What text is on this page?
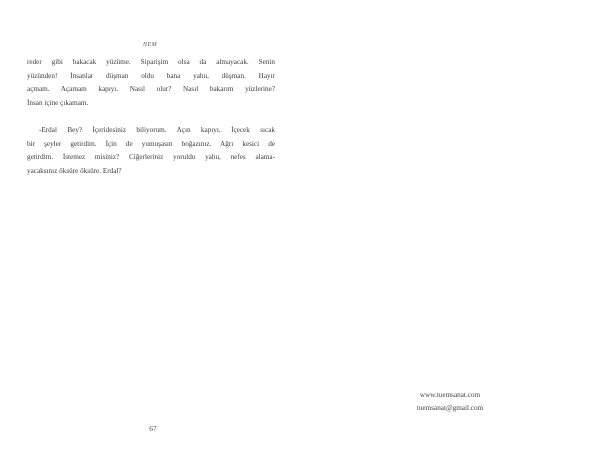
NEM

reder gibi bakacak yüzüme. Siparişim olsa da almayacak. Senin
yüzünden! İnsanlar düşman oldu bana yahu, düşman. Hayır
açmam. Açamam kapıyı. Nasıl olur? Nasıl bakarım yüzlerine?
İnsan içine çıkamam.

-Erdal Bey? İçeridesiniz biliyorum. Açın kapıyı. İçecek sıcak
bir şeyler getirdim. İçin de yumuşasın boğazınız. Ağrı kesici de
getirdim. İstemez misiniz? Ciğerleriniz yoruldu yahu, nefes alama-
yacaksınız öksüre öksüre. Erdal?

67
www.tuemsanat.com
tuemsanat@gmail.com
